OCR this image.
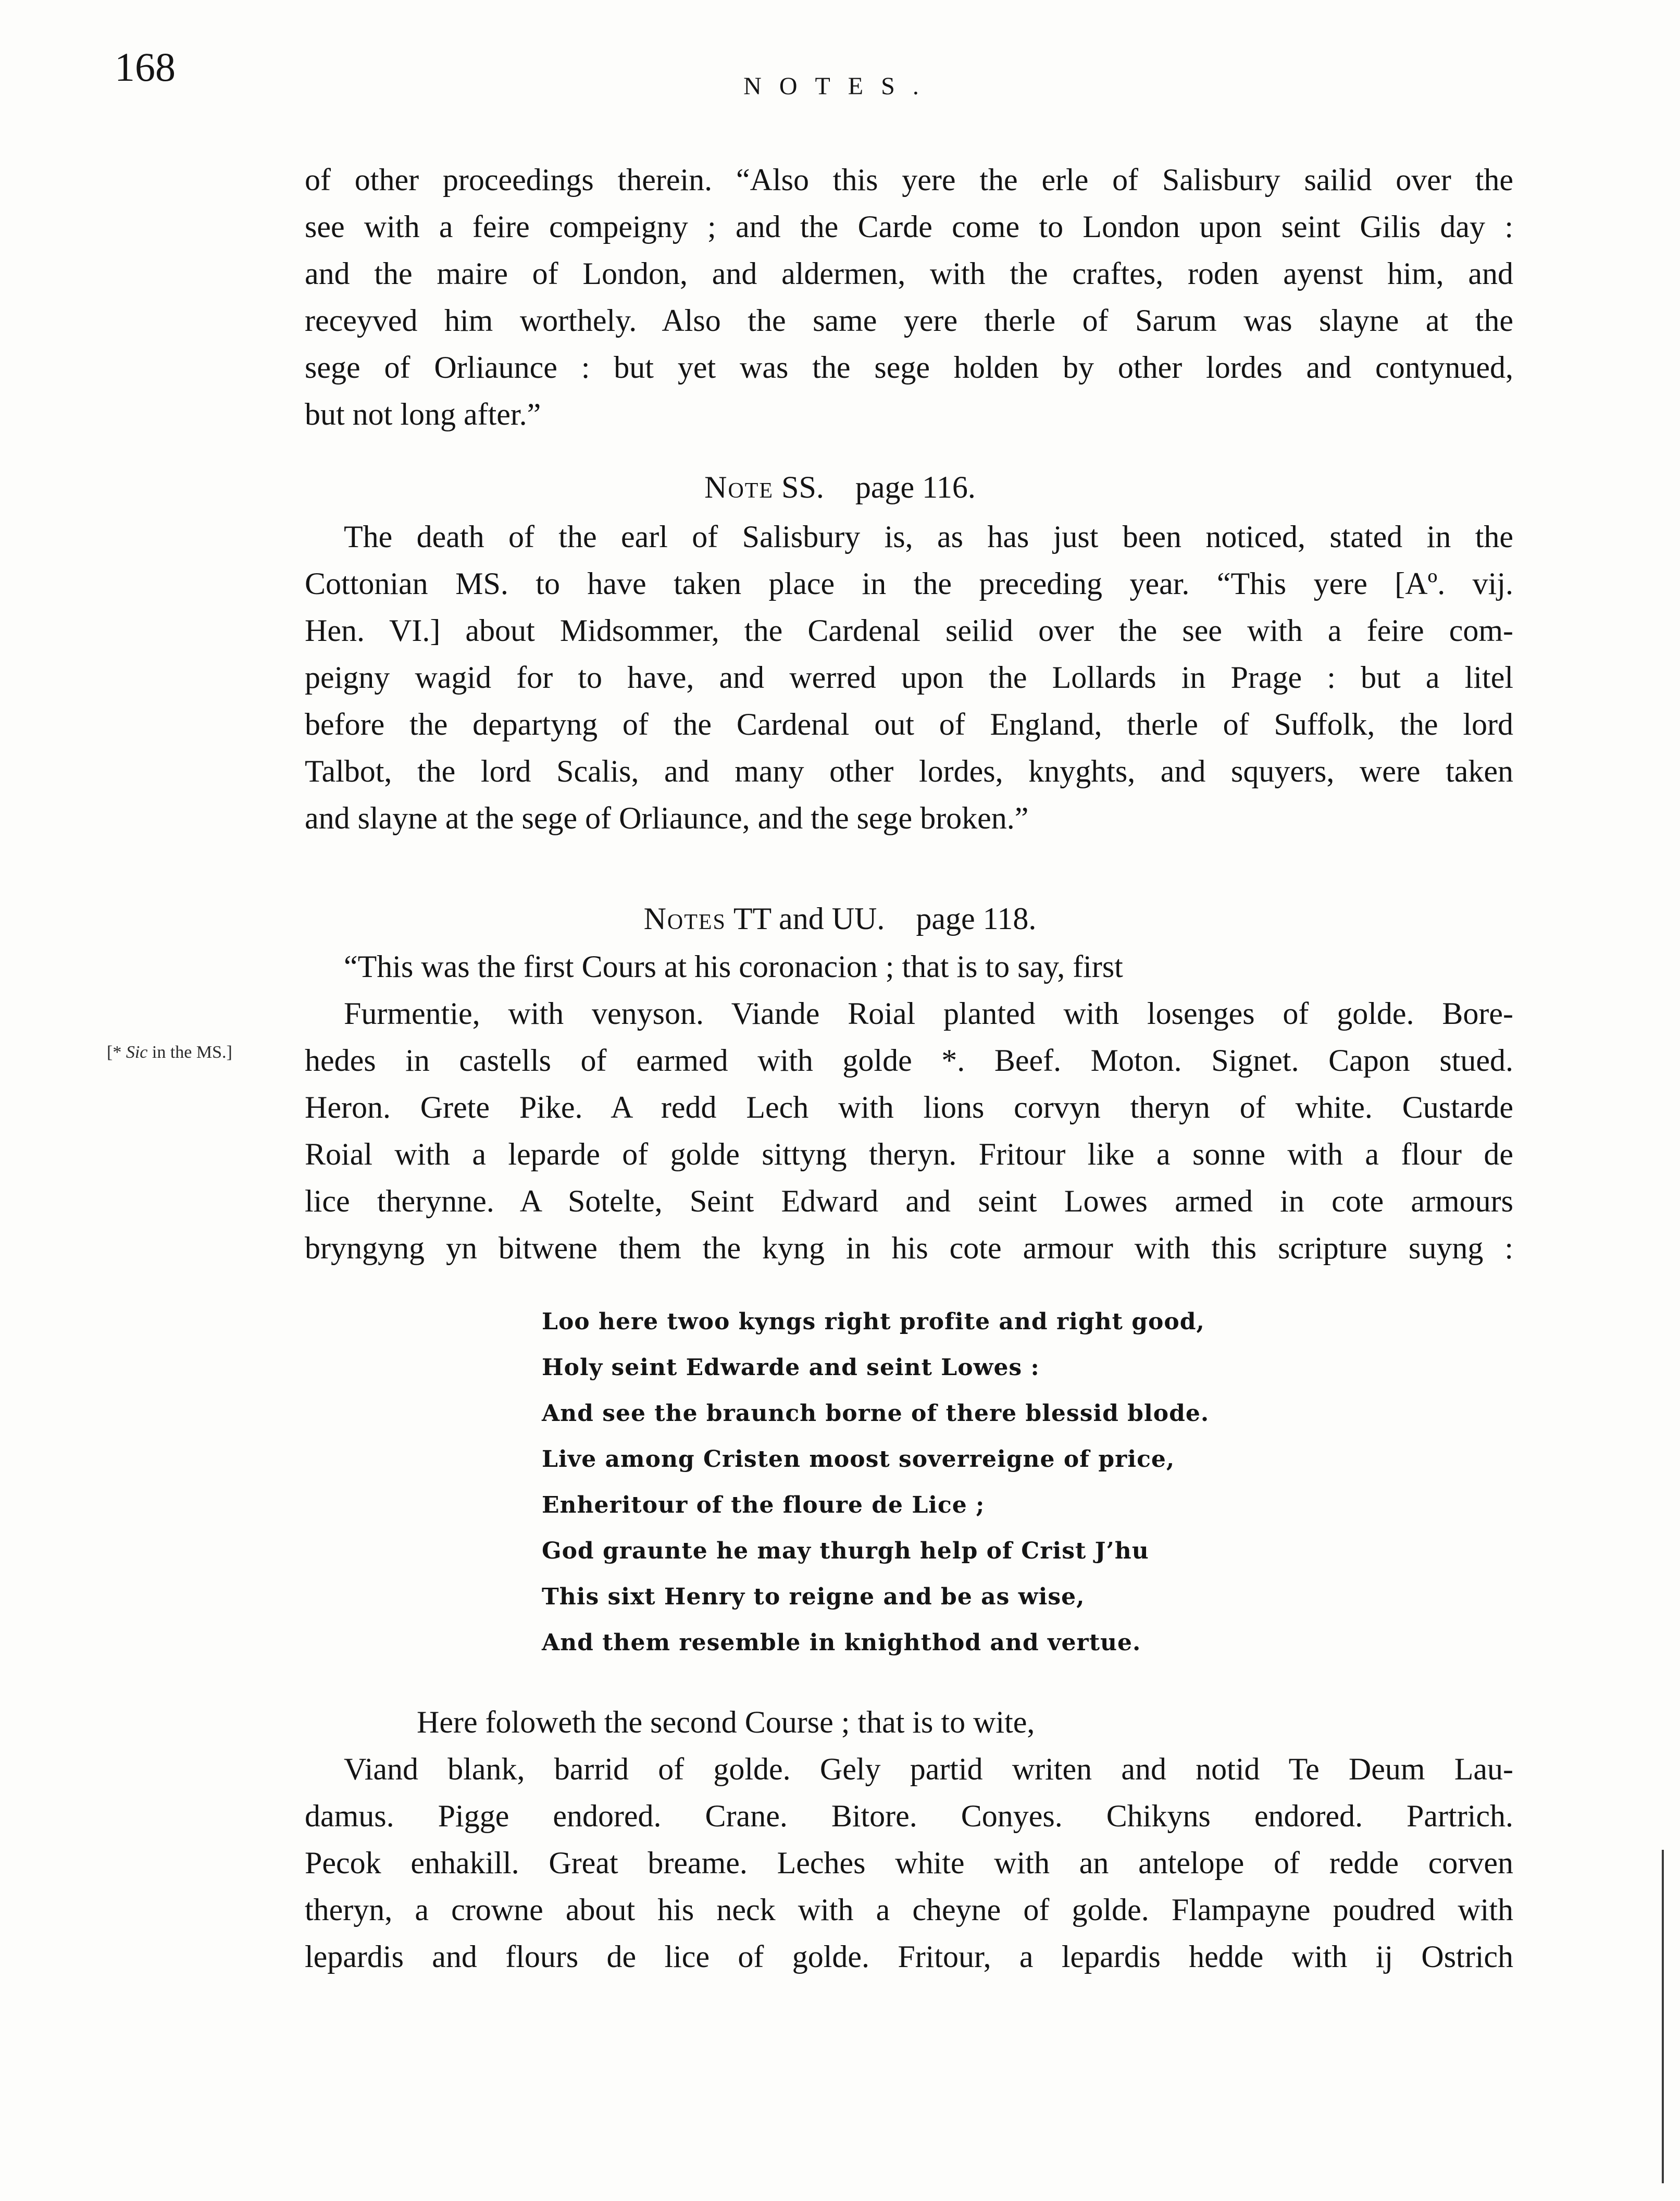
168	NOTES.
of other proceedings therein. “Also this yere the erle of Salisbury sailid over the
see with a feire compeigny ; and the Carde come to London upon seint Gilis day :
and the maire of London, and aldermen, with the craftes, roden ayenst him, and
receyved him worthely. Also the same yere therle of Sarum was slayne at the
sege of Orliaunce : but yet was the sege holden by other lordes and contynued,
but not long after.”
Note SS. page 116.
The death of the earl of Salisbury is, as has just been noticed, stated in the
Cottonian MS. to have taken place in the preceding year. “This yere [Aº. vij.
Hen. VI.] about Midsommer, the Cardenal seilid over the see with a feire com-
peigny wagid for to have, and werred upon the Lollards in Prage : but a litel
before the departyng of the Cardenal out of England, therle of Suffolk, the lord
Talbot, the lord Scalis, and many other lordes, knyghts, and squyers, were taken
and slayne at the sege of Orliaunce, and the sege broken.”
Notes TT and UU. page 118.
“This was the first Cours at his coronacion ; that is to say, first
Furmentie, with venyson. Viande Roial planted with losenges of golde. Bore-
hedes in castells of earmed with golde *. Beef. Moton. Signet. Capon stued.
Heron. Grete Pike. A redd Lech with lions corvyn theryn of white. Custarde
Roial with a leparde of golde sittyng theryn. Fritour like a sonne with a flour de
lice therynne. A Sotelte, Seint Edward and seint Lowes armed in cote armours
bryngyng yn bitwene them the kyng in his cote armour with this scripture suyng :
[* Sic in the MS.]
Loo here twoo kyngs right profite and right good,
Holy seint Edwarde and seint Lowes :
And see the braunch borne of there blessid blode.
Live among Cristen moost soverreigne of price,
Enheritour of the floure de Lice ;
God graunte he may thurgh help of Crist J’hu
This sixt Henry to reigne and be as wise,
And them resemble in knighthod and vertue.
Here foloweth the second Course ; that is to wite,
Viand blank, barrid of golde. Gely partid writen and notid Te Deum Lau-
damus. Pigge endored. Crane. Bitore. Conyes. Chikyns endored. Partrich.
Pecok enhakill. Great breame. Leches white with an antelope of redde corven
theryn, a crowne about his neck with a cheyne of golde. Flampayne poudred with
lepardis and flours de lice of golde. Fritour, a lepardis hedde with ij Ostrich
